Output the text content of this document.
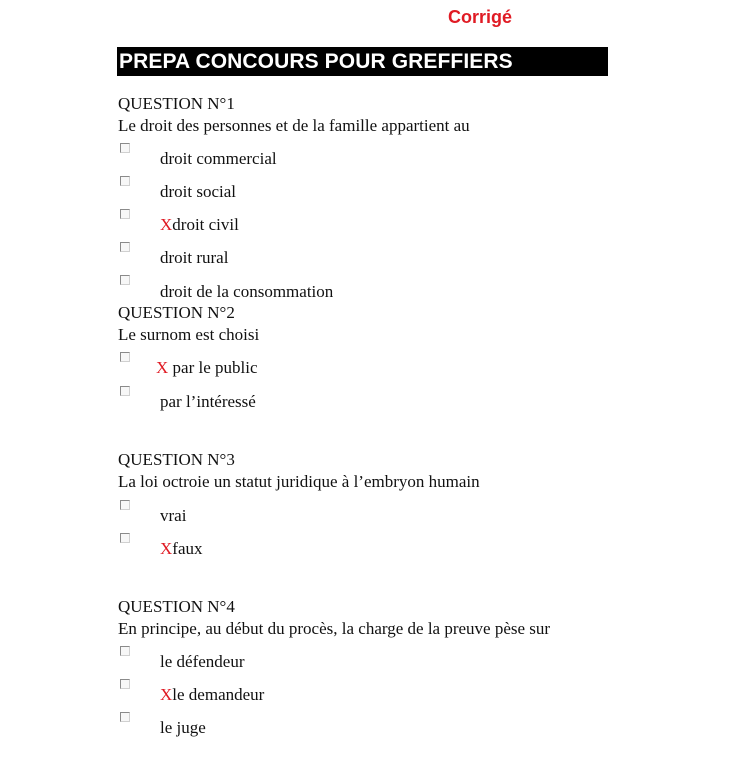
Corrigé
PREPA CONCOURS POUR GREFFIERS
QUESTION N°1
Le droit des personnes et de la famille appartient au
droit commercial
droit social
Xdroit civil
droit rural
droit de la consommation
QUESTION N°2
Le surnom est choisi
X par le public
par l’intéressé
QUESTION N°3
La loi octroie un statut juridique à l’embryon humain
vrai
Xfaux
QUESTION N°4
En principe, au début du procès, la charge de la preuve pèse sur
le défendeur
Xle demandeur
le juge
